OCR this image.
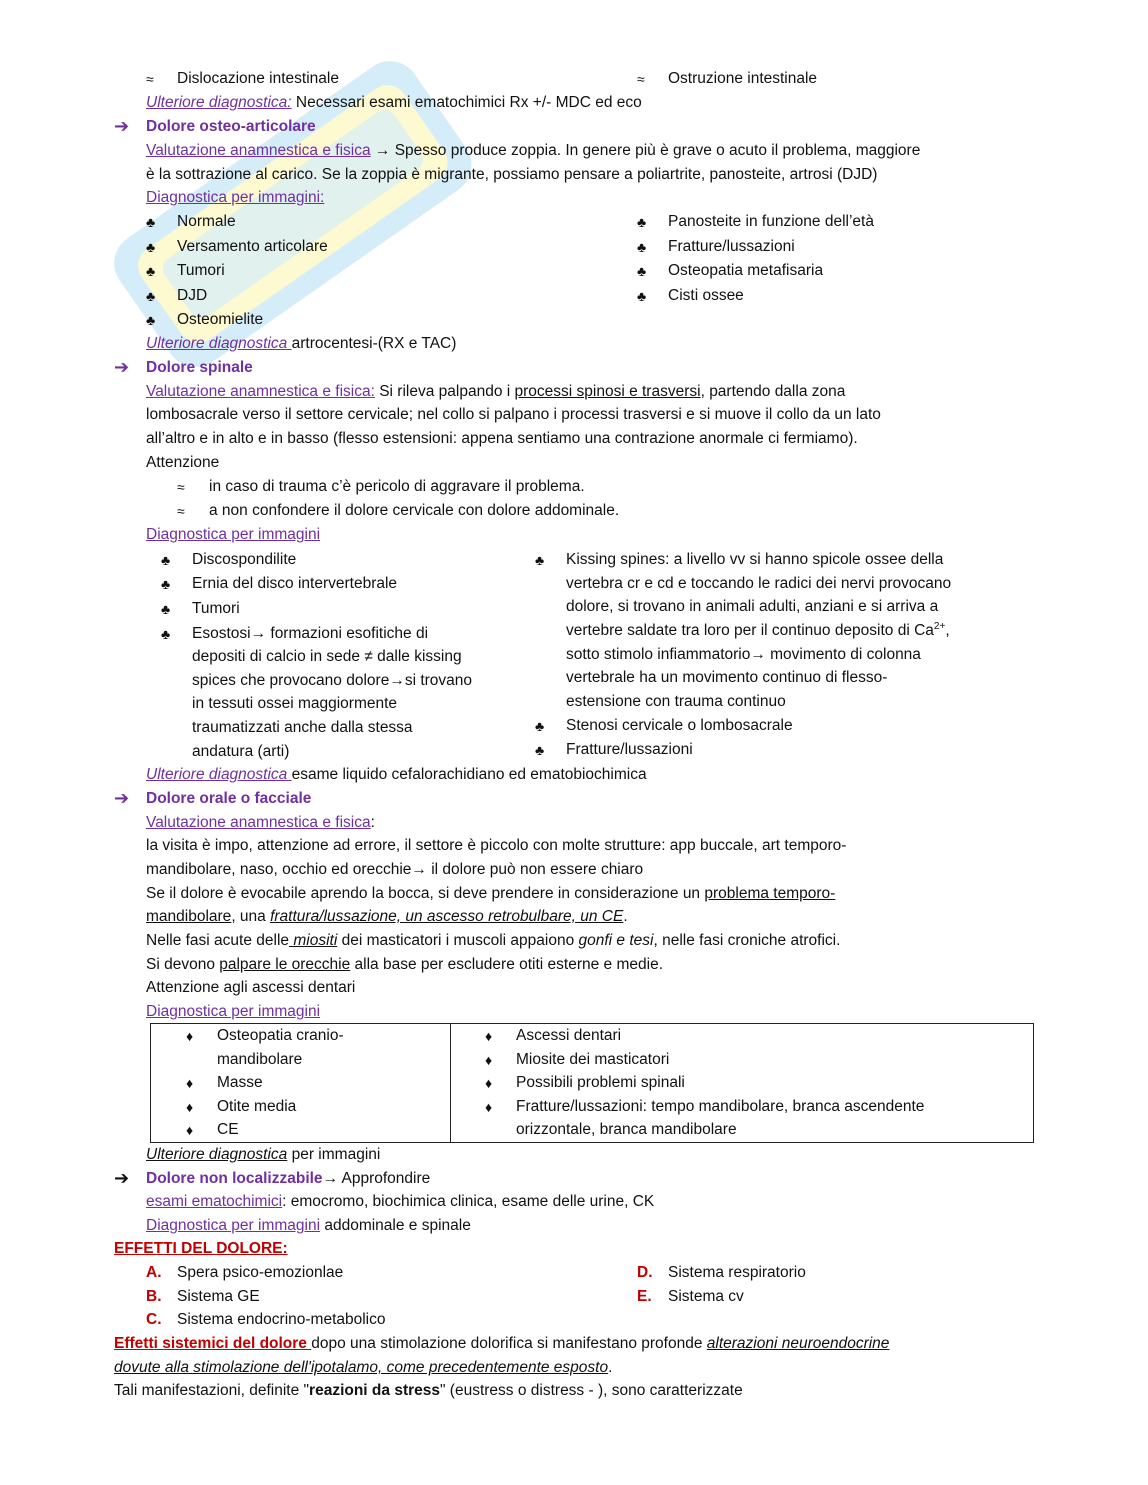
≈ Dislocazione intestinale	≈ Ostruzione intestinale
Ulteriore diagnostica: Necessari esami ematochimici Rx +/- MDC ed eco
➔ Dolore osteo-articolare
Valutazione anamnestica e fisica → Spesso produce zoppia. In genere più è grave o acuto il problema, maggiore
è la sottrazione al carico. Se la zoppia è migrante, possiamo pensare a poliartrite, panosteite, artrosi (DJD)
Diagnostica per immagini:
♣ Normale
♣ Versamento articolare
♣ Tumori
♣ DJD
♣ Osteomielite
♣ Panosteite in funzione dell’età
♣ Fratture/lussazioni
♣ Osteopatia metafisaria
♣ Cisti ossee
Ulteriore diagnostica artrocentesi-(RX e TAC)
➔ Dolore spinale
Valutazione anamnestica e fisica: Si rileva palpando i processi spinosi e trasversi, partendo dalla zona
lombosacrale verso il settore cervicale; nel collo si palpano i processi trasversi e si muove il collo da un lato
all’altro e in alto e in basso (flesso estensioni: appena sentiamo una contrazione anormale ci fermiamo).
Attenzione
≈ in caso di trauma c’è pericolo di aggravare il problema.
≈ a non confondere il dolore cervicale con dolore addominale.
Diagnostica per immagini
♣ Discospondilite
♣ Ernia del disco intervertebrale
♣ Tumori
♣ Esostosi→ formazioni esofitiche di
depositi di calcio in sede ≠ dalle kissing
spices che provocano dolore→si trovano
in tessuti ossei maggiormente
traumatizzati anche dalla stessa
andatura (arti)
♣ Kissing spines: a livello vv si hanno spicole ossee della
vertebra cr e cd e toccando le radici dei nervi provocano
dolore, si trovano in animali adulti, anziani e si arriva a
vertebre saldate tra loro per il continuo deposito di $Ca^{2+}$,
sotto stimolo infiammatorio→ movimento di colonna
vertebrale ha un movimento continuo di flesso-
estensione con trauma continuo
♣ Stenosi cervicale o lombosacrale
♣ Fratture/lussazioni
Ulteriore diagnostica esame liquido cefalorachidiano ed ematobiochimica
➔ Dolore orale o facciale
Valutazione anamnestica e fisica:
la visita è impo, attenzione ad errore, il settore è piccolo con molte strutture: app buccale, art temporo-
mandibolare, naso, occhio ed orecchie→ il dolore può non essere chiaro
Se il dolore è evocabile aprendo la bocca, si deve prendere in considerazione un problema temporo-
mandibolare, una frattura/lussazione, un ascesso retrobulbare, un CE.
Nelle fasi acute delle miositi dei masticatori i muscoli appaiono gonfi e tesi, nelle fasi croniche atrofici.
Si devono palpare le orecchie alla base per escludere otiti esterne e medie.
Attenzione agli ascessi dentari
Diagnostica per immagini
♦ Osteopatia cranio-
mandibolare
♦ Masse
♦ Otite media
♦ CE
♦ Ascessi dentari
♦ Miosite dei masticatori
♦ Possibili problemi spinali
♦ Fratture/lussazioni: tempo mandibolare, branca ascendente
orizzontale, branca mandibolare
Ulteriore diagnostica per immagini
➔ Dolore non localizzabile→ Approfondire
esami ematochimici: emocromo, biochimica clinica, esame delle urine, CK
Diagnostica per immagini addominale e spinale
EFFETTI DEL DOLORE:
A. Spera psico-emozionlae
B. Sistema GE
C. Sistema endocrino-metabolico
D. Sistema respiratorio
E. Sistema cv
Effetti sistemici del dolore dopo una stimolazione dolorifica si manifestano profonde alterazioni neuroendocrine
dovute alla stimolazione dell'ipotalamo, come precedentemente esposto.
Tali manifestazioni, definite "reazioni da stress" (eustress o distress - ), sono caratterizzate
